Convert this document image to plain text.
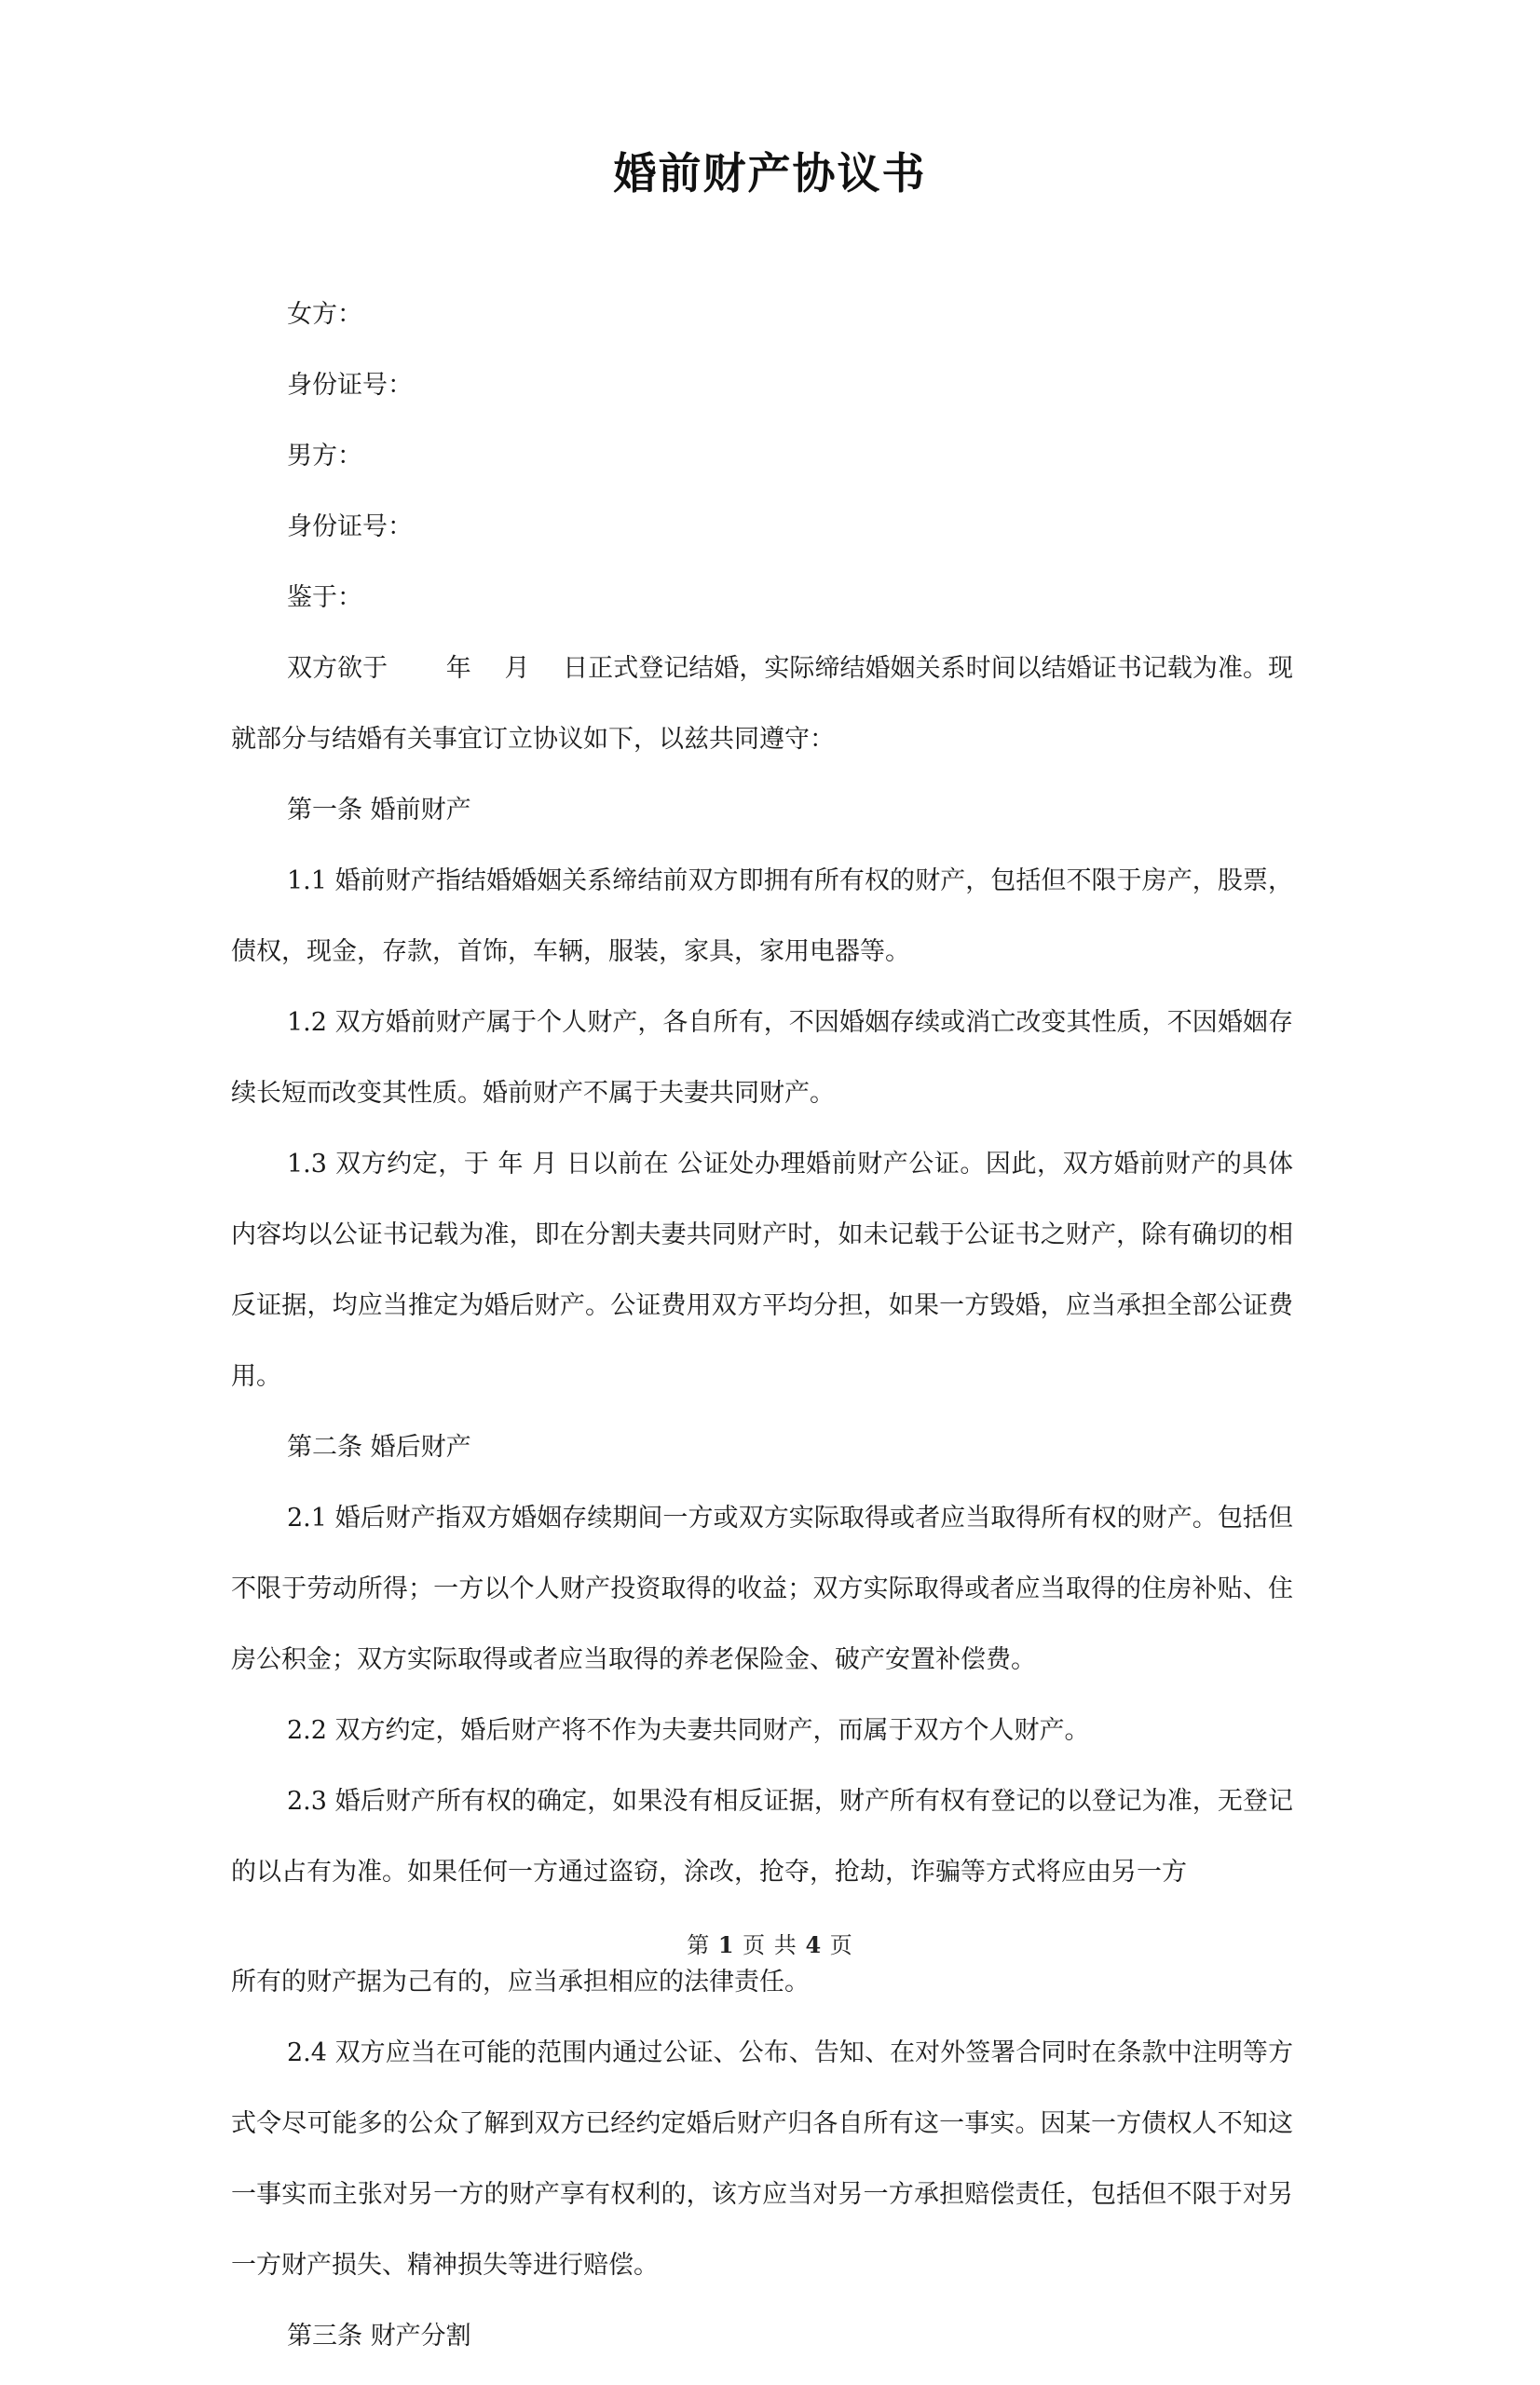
婚前财产协议书
女方：
身份证号：
男方：
身份证号：
鉴于：
双方欲于　　 年　 月　 日正式登记结婚，实际缔结婚姻关系时间以结婚证书记载为准。现就部分与结婚有关事宜订立协议如下，以兹共同遵守：
第一条 婚前财产
1.1 婚前财产指结婚婚姻关系缔结前双方即拥有所有权的财产，包括但不限于房产，股票，债权，现金，存款，首饰，车辆，服装，家具，家用电器等。
1.2 双方婚前财产属于个人财产，各自所有，不因婚姻存续或消亡改变其性质，不因婚姻存续长短而改变其性质。婚前财产不属于夫妻共同财产。
1.3 双方约定，于 年 月 日以前在 公证处办理婚前财产公证。因此，双方婚前财产的具体内容均以公证书记载为准，即在分割夫妻共同财产时，如未记载于公证书之财产，除有确切的相反证据，均应当推定为婚后财产。公证费用双方平均分担，如果一方毁婚，应当承担全部公证费用。
第二条 婚后财产
2.1 婚后财产指双方婚姻存续期间一方或双方实际取得或者应当取得所有权的财产。包括但不限于劳动所得；一方以个人财产投资取得的收益；双方实际取得或者应当取得的住房补贴、住房公积金；双方实际取得或者应当取得的养老保险金、破产安置补偿费。
2.2 双方约定，婚后财产将不作为夫妻共同财产，而属于双方个人财产。
2.3 婚后财产所有权的确定，如果没有相反证据，财产所有权有登记的以登记为准，无登记的以占有为准。如果任何一方通过盗窃，涂改，抢夺，抢劫，诈骗等方式将应由另一方
第 1 页 共 4 页
所有的财产据为己有的，应当承担相应的法律责任。
2.4 双方应当在可能的范围内通过公证、公布、告知、在对外签署合同时在条款中注明等方式令尽可能多的公众了解到双方已经约定婚后财产归各自所有这一事实。因某一方债权人不知这一事实而主张对另一方的财产享有权利的，该方应当对另一方承担赔偿责任，包括但不限于对另一方财产损失、精神损失等进行赔偿。
第三条 财产分割
